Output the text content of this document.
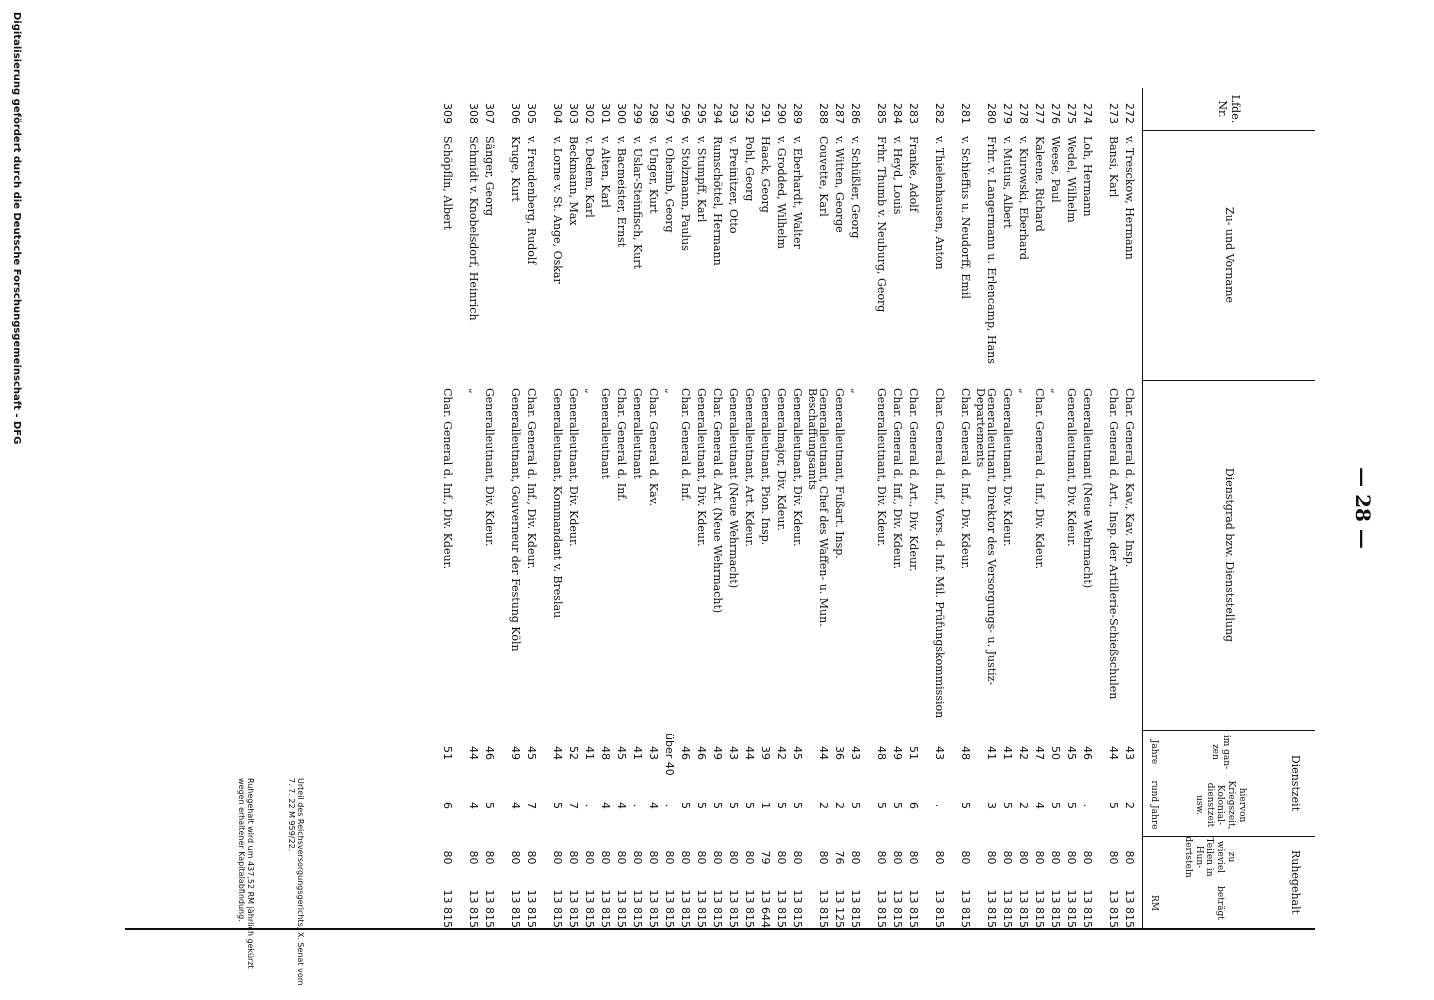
— 28 —
Lfde. Nr.
Zu- und Vorname
Dienstgrad bzw. Dienststellung
Dienstzeit
im gan- zen
hiervon Kriegszeit, Kolonial- dienstzeit usw.
Jahre
rund Jahre
Ruhegehalt
zu wieviel Teilen in Hun- dertsteln
beträgt
RM
272
v. Tresckow, Hermann
Char. General d. Kav., Kav. Insp.
43
2
80
13 815
273
Bansi, Karl
Char. General d. Art., Insp. der Artillerie-Schießschulen
44
5
80
13 815
274
Loh, Hermann
Generalleutnant (Neue Wehrmacht)
46
.
80
13 815
275
Wedel, Wilhelm
Generalleutnant, Div. Kdeur.
45
5
80
13 815
276
Weese, Paul
„
50
5
80
13 815
277
Kaleene, Richard
Char. General d. Inf., Div. Kdeur.
47
4
80
13 815
278
v. Kurowski, Eberhard
„
42
2
80
13 815
279
v. Mutius, Albert
Generalleutnant, Div. Kdeur.
41
5
80
13 815
280
Frhr. v. Langermann u. Erlencamp, Hans
Generalleutnant, Direktor des Versorgungs- u. Justiz-Departements
41
3
80
13 815
281
v. Schieffus u. Neudorff, Emil
Char. General d. Inf., Div. Kdeur.
48
5
80
13 815
282
v. Thielenhausen, Anton
Char. General d. Inf., Vors. d. Inf. Mil. Prüfungskommission
43
.
80
13 815
283
Franke, Adolf
Char. General d. Art., Div. Kdeur.
51
6
80
13 815
284
v. Heyd, Louis
Char. General d. Inf., Div. Kdeur.
49
5
80
13 815
285
Frhr. Thumb v. Neuburg, Georg
Generalleutnant, Div. Kdeur.
48
5
80
13 815
286
v. Schüßler, Georg
„
43
5
80
13 815
287
v. Witten, George
Generalleutnant, Fußart. Insp.
36
2
76
13 125
288
Couvette, Karl
Generalleutnant, Chef des Waffen- u. Mun. Beschaffungsamts
44
2
80
13 815
289
v. Eberhardt, Walter
Generalleutnant, Div. Kdeur.
45
5
80
13 815
290
v. Grodded, Wilhelm
Generalmajor, Div. Kdeur.
42
5
80
13 815
291
Haack, Georg
Generalleutnant, Pion. Insp.
39
1
79
13 644
292
Pohl, Georg
Generalleutnant, Art. Kdeur.
44
5
80
13 815
293
v. Preinitzer, Otto
Generalleutnant (Neue Wehrmacht)
43
5
80
13 815
294
Rumschöttel, Hermann
Char. General d. Art. (Neue Wehrmacht)
49
5
80
13 815
295
v. Stumpff, Karl
Generalleutnant, Div. Kdeur.
46
5
80
13 815
296
v. Stolzmann, Paulus
Char. General d. Inf.
46
5
80
13 815
297
v. Oheimb, Georg
„
über 40
.
80
13 815
298
v. Unger, Kurt
Char. General d. Kav.
43
4
80
13 815
299
v. Uslar-Steinfisch, Kurt
Generalleutnant
41
.
80
13 815
300
v. Bacmeister, Ernst
Char. General d. Inf.
45
4
80
13 815
301
v. Alten, Karl
Generalleutnant
48
4
80
13 815
302
v. Dedem, Karl
„
41
.
80
13 815
303
Beckmann, Max
Generalleutnant, Div. Kdeur.
52
7
80
13 815
304
v. Lorne v. St. Ange, Oskar
Generalleutnant, Kommandant v. Breslau
44
5
80
13 815
305
v. Freudenberg, Rudolf
Char. General d. Inf., Div. Kdeur.
45
7
80
13 815
306
Kruge, Kurt
Generalleutnant, Gouverneur der Festung Köln
49
4
80
13 815
307
Sänger, Georg
Generalleutnant, Div. Kdeur.
46
5
80
13 815
308
Schmidt v. Knobelsdorf, Heinrich
„
44
4
80
13 815
309
Schöpflin, Albert
Char. General d. Inf., Div. Kdeur.
51
6
80
13 815
Urteil des Reichsversorgungsgerichts, X. Senat vom 7. 7. 22 M 959/22.
Ruhegehalt wird um 437,52 RM jährlich gekürzt wegen erhaltener Kapitalabfindung.
Digitalisierung gefördert durch die Deutsche Forschungsgemeinschaft - DFG
